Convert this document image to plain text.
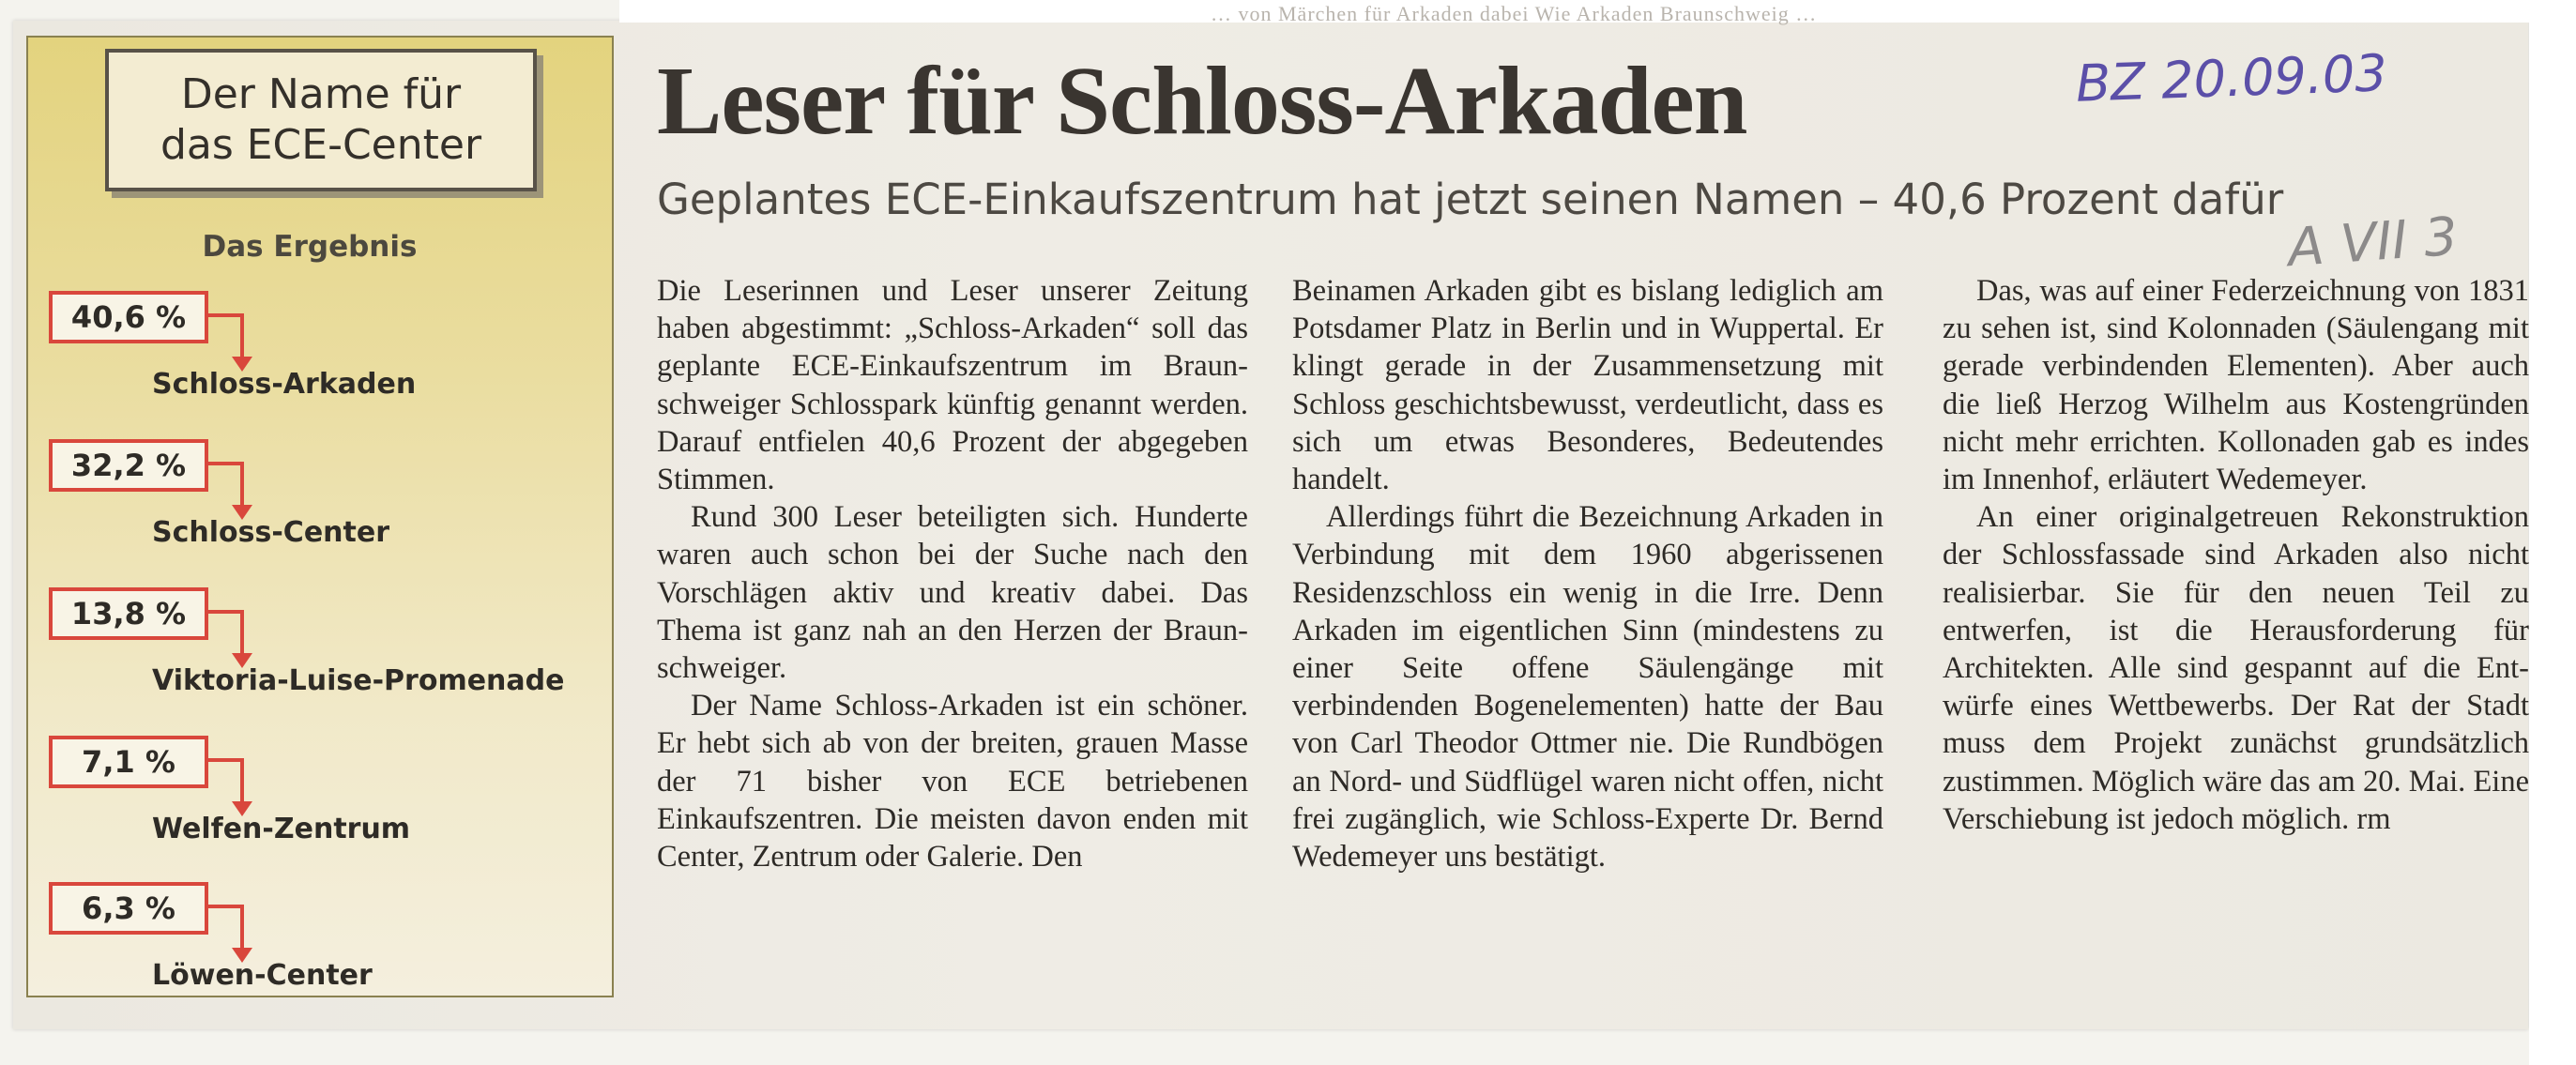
… von Märchen für Arkaden dabei Wie Arkaden Braunschweig …
Der Name für
das ECE-Center
Das Ergebnis
40,6 %
Schloss-Arkaden
32,2 %
Schloss-Center
13,8 %
Viktoria-Luise-Promenade
7,1 %
Welfen-Zentrum
6,3 %
Löwen-Center
Leser für Schloss-Arkaden	BZ 20.09.03
Geplantes ECE-Einkaufszentrum hat jetzt seinen Namen – 40,6 Prozent dafür
A VII 3

Die Leserinnen und Leser unserer Zeitung haben abgestimmt: „Schloss-Arkaden“ soll das geplante ECE-Einkaufszentrum im Braunschweiger Schlosspark künftig genannt werden. Darauf entfielen 40,6 Prozent der abgegeben Stimmen.

Rund 300 Leser beteiligten sich. Hunderte waren auch schon bei der Suche nach den Vorschlägen aktiv und kreativ dabei. Das Thema ist ganz nah an den Herzen der Braunschweiger.

Der Name Schloss-Arkaden ist ein schöner. Er hebt sich ab von der breiten, grauen Masse der 71 bisher von ECE betriebenen Einkaufszentren. Die meisten davon enden mit Center, Zentrum oder Galerie. Den

Beinamen Arkaden gibt es bislang lediglich am Potsdamer Platz in Berlin und in Wuppertal. Er klingt gerade in der Zusammensetzung mit Schloss geschichtsbewusst, verdeutlicht, dass es sich um etwas Besonderes, Bedeutendes handelt.

Allerdings führt die Bezeichnung Arkaden in Verbindung mit dem 1960 abgerissenen Residenzschloss ein wenig in die Irre. Denn Arkaden im eigentlichen Sinn (mindestens zu einer Seite offene Säulengänge mit verbindenden Bogenelementen) hatte der Bau von Carl Theodor Ottmer nie. Die Rundbögen an Nord- und Südflügel waren nicht offen, nicht frei zugänglich, wie Schloss-Experte Dr. Bernd Wedemeyer uns bestätigt.

Das, was auf einer Federzeichnung von 1831 zu sehen ist, sind Kolonnaden (Säulengang mit gerade verbindenden Elementen). Aber auch die ließ Herzog Wilhelm aus Kostengründen nicht mehr errichten. Kollonaden gab es indes im Innenhof, erläutert Wedemeyer.

An einer originalgetreuen Rekonstruktion der Schlossfassade sind Arkaden also nicht realisierbar. Sie für den neuen Teil zu entwerfen, ist die Herausforderung für Architekten. Alle sind gespannt auf die Entwürfe eines Wettbewerbs. Der Rat der Stadt muss dem Projekt zunächst grundsätzlich zustimmen. Möglich wäre das am 20. Mai. Eine Verschiebung ist jedoch möglich. rm
